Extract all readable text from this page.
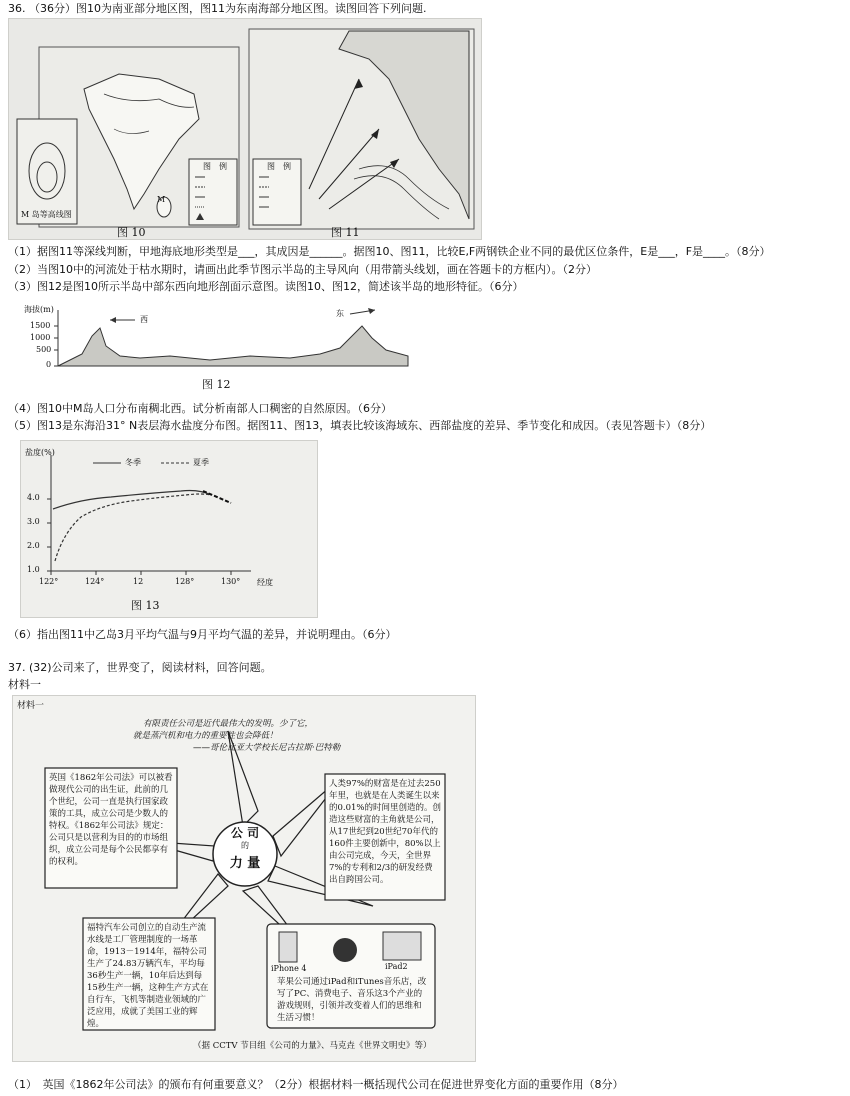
36. （36分）图10为南亚部分地区图，图11为东南海部分地区图。读图回答下列问题.
M 岛等高线图
图　例	图　例
M
图 10	图 11
（1）据图11等深线判断，甲地海底地形类型是___，其成因是______。据图10、图11，比较E,F两钢铁企业不同的最优区位条件，E是___，F是____。（8分）
（2）当图10中的河流处于枯水期时，请画出此季节图示半岛的主导风向（用带箭头线划，画在答题卡的方框内）。（2分）
（3）图12是图10所示半岛中部东西向地形剖面示意图。读图10、图12，简述该半岛的地形特征。（6分）
海拔(m)
1500
1000
500
0
西
东
图 12
（4）图10中M岛人口分布南稠北西。试分析南部人口稠密的自然原因。（6分）
（5）图13是东海沿31° N表层海水盐度分布图。据图11、图13，填表比较该海域东、西部盐度的差异、季节变化和成因。（表见答题卡）（8分）
盐度(%)
冬季	夏季
4.0
3.0
2.0
1.0
122°	124°	12	128°	130° 经度
图 13
（6）指出图11中乙岛3月平均气温与9月平均气温的差异，并说明理由。（6分）
37. (32)公司来了，世界变了，阅读材料，回答问题。
材料一
材料一
有限责任公司是近代最伟大的发明。少了它，
就是蒸汽机和电力的重要性也会降低！
——哥伦比亚大学校长尼古拉斯·巴特勒
公 司
的
力 量
英国《1862年公司法》可以被看做现代公司的出生证，此前的几个世纪，公司一直是执行国家政策的工具，成立公司是少数人的特权。《1862年公司法》规定：公司只是以营利为目的的市场组织，成立公司是每个公民都享有的权利。
人类97%的财富是在过去250年里，也就是在人类诞生以来的0.01%的时间里创造的。创造这些财富的主角就是公司，从17世纪到20世纪70年代的160件主要创新中，80%以上由公司完成，今天，全世界7%的专利和2/3的研发经费出自跨国公司。
福特汽车公司创立的自动生产流水线是工厂管理制度的一场革命，1913－1914年，福特公司生产了24.83万辆汽车，平均每36秒生产一辆，10年后达到每15秒生产一辆，这种生产方式在自行车，飞机等制造业领域的广泛应用，成就了美国工业的辉煌。
iPhone 4	iPad2
苹果公司通过iPad和iTunes音乐店，改写了PC、消费电子、音乐这3个产业的游戏规则，引领并改变着人们的思维和生活习惯！
（据 CCTV 节目组《公司的力量》、马克垚《世界文明史》等）
（1）　英国《1862年公司法》的颁布有何重要意义？（2分）根据材料一概括现代公司在促进世界变化方面的重要作用（8分）
